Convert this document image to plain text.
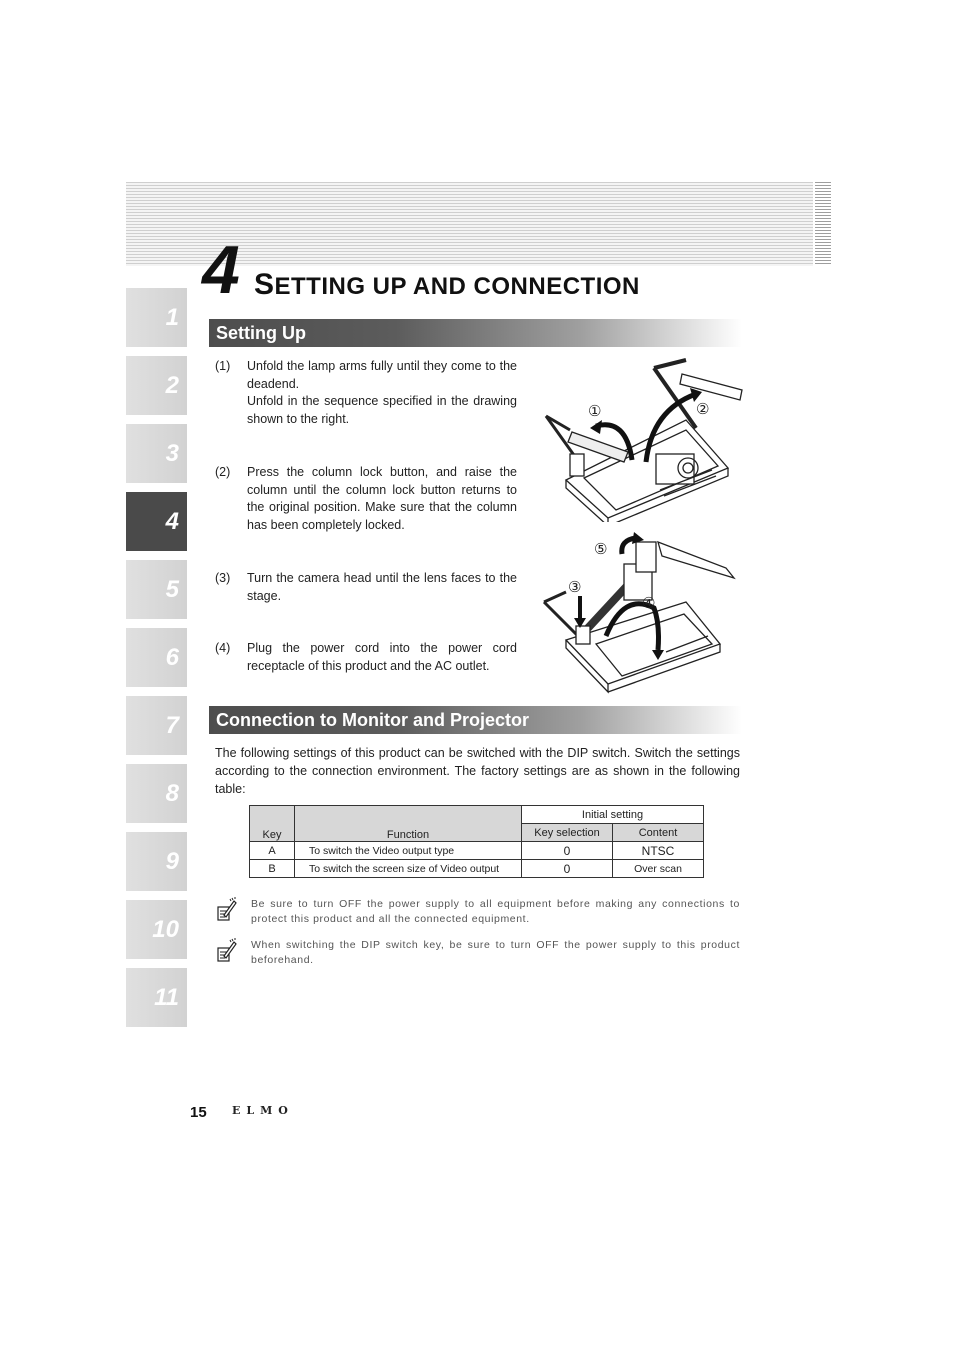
4 SETTING UP AND CONNECTION
1
2
3
4
5
6
7
8
9
10
11
Setting Up
(1) Unfold the lamp arms fully until they come to the deadend.
Unfold in the sequence specified in the drawing shown to the right.
(2) Press the column lock button, and raise the column until the column lock button returns to the original position. Make sure that the column has been completely locked.
(3) Turn the camera head until the lens faces to the stage.
(4) Plug the power cord into the power cord receptacle of this product and the AC outlet.
①	②
⑤
③
④
Connection to Monitor and Projector
The following settings of this product can be switched with the DIP switch. Switch the settings according to the connection environment. The factory settings are as shown in the following table:
Key	Function	Initial setting	
		Key selection	Content
A	To switch the Video output type	0	NTSC
B	To switch the screen size of Video output	0	Over scan
Be sure to turn OFF the power supply to all equipment before making any connections to protect this product and all the connected equipment.
When switching the DIP switch key, be sure to turn OFF the power supply to this product beforehand.
15 ELMO
